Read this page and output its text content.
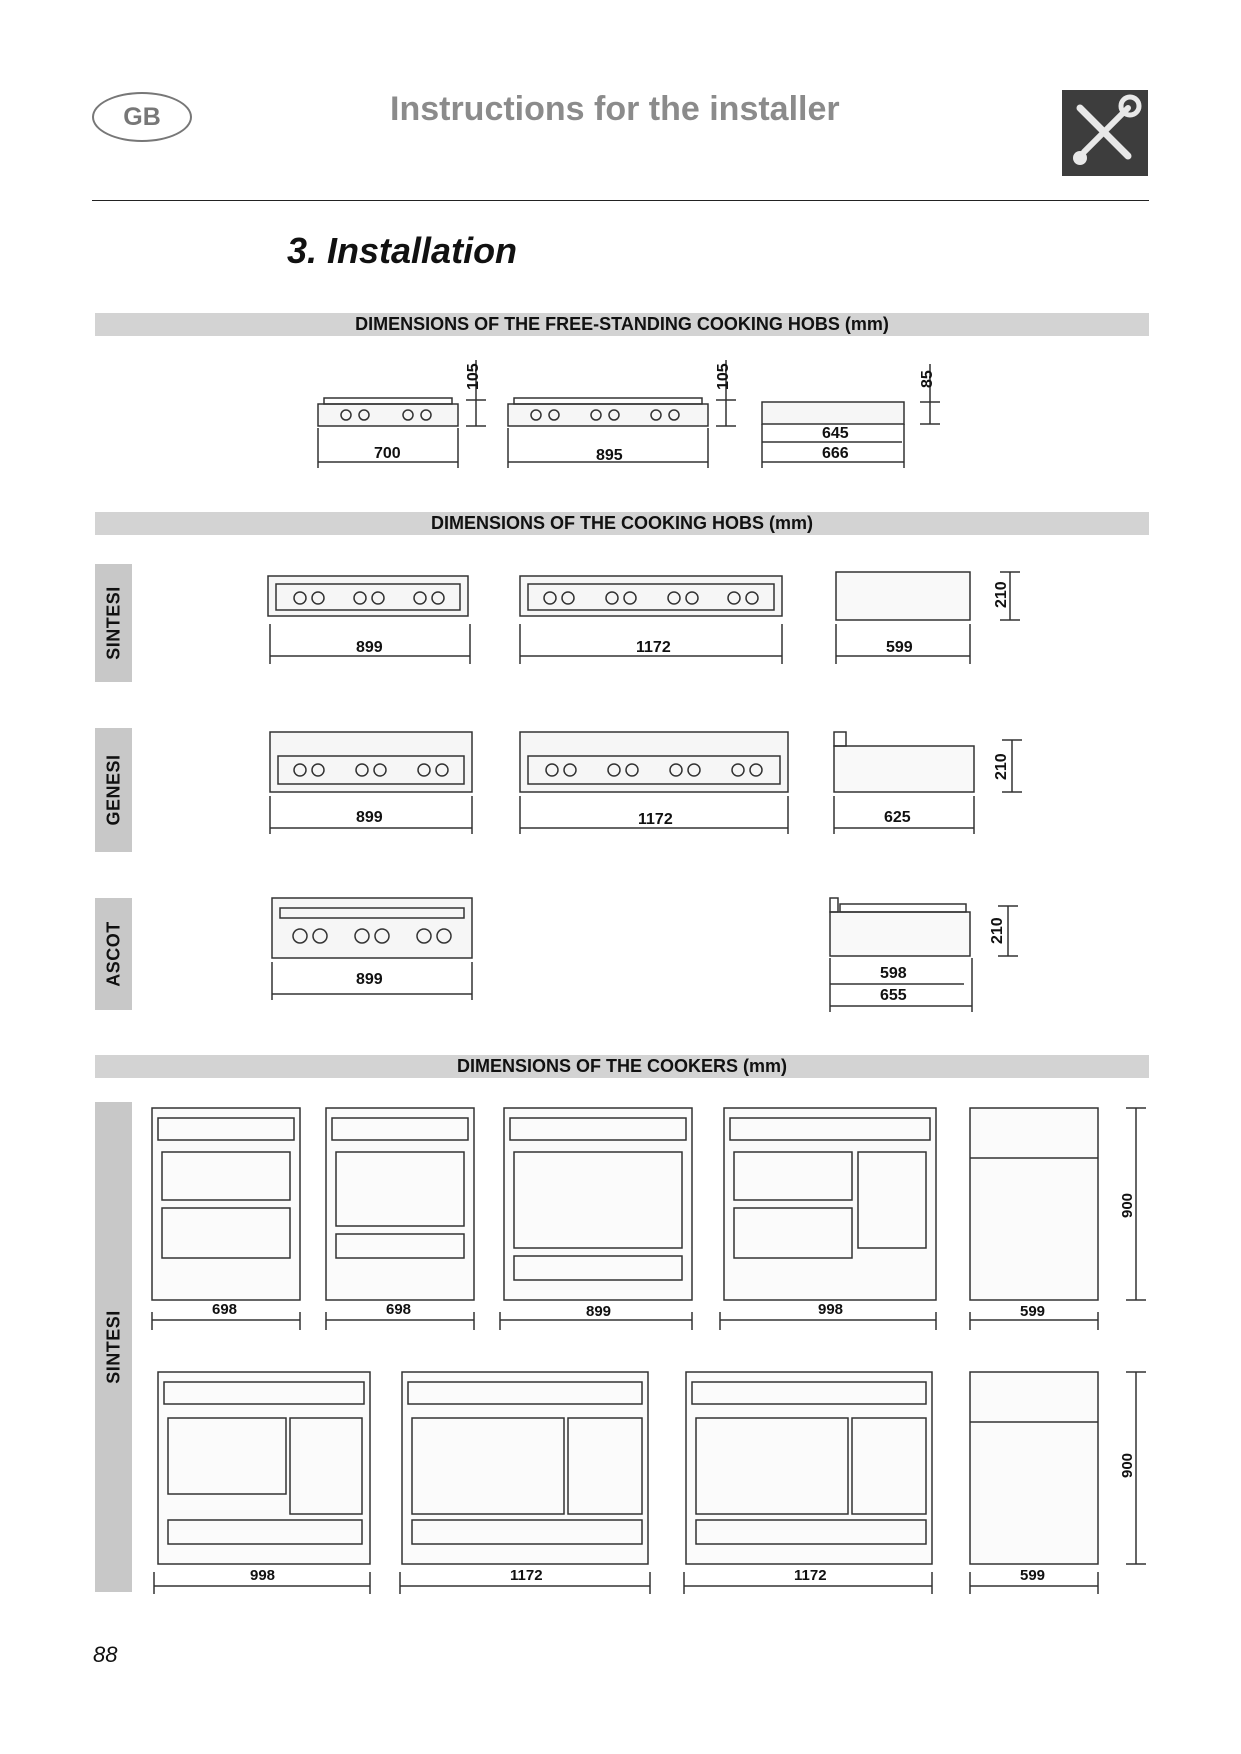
GB	Instructions for the installer
3. Installation
DIMENSIONS OF THE FREE-STANDING COOKING HOBS (mm)
700	895
645
666
105	105	85
899	1172	599
210
899	1172	625
210
899	598
655
210
698	698	899	998	599
900
998	1172	1172	599
900
DIMENSIONS OF THE COOKING HOBS (mm)
SINTESI
GENESI
ASCOT
DIMENSIONS OF THE COOKERS (mm)
SINTESI
88
